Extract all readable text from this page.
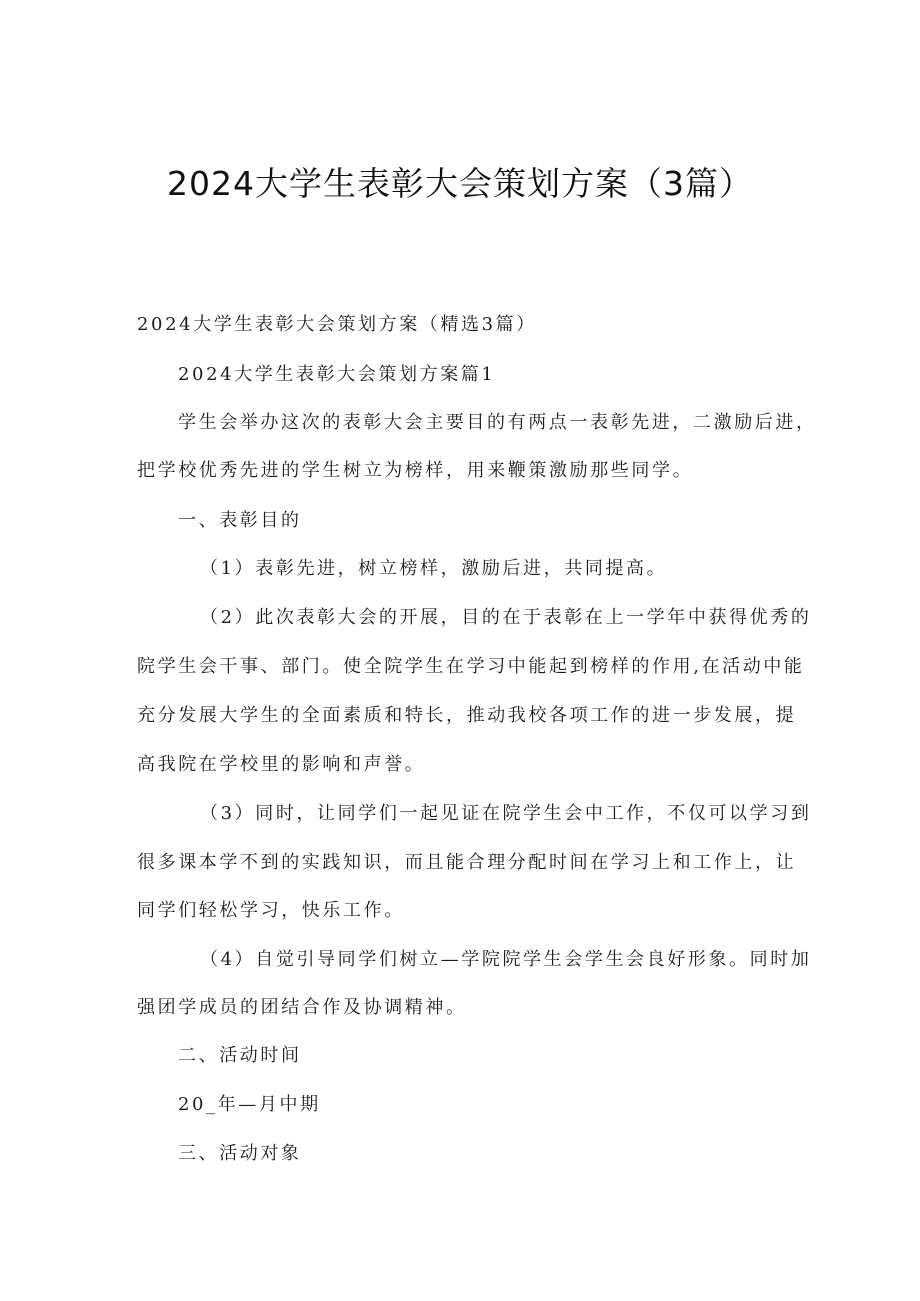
2024大学生表彰大会策划方案（3篇）
2024大学生表彰大会策划方案（精选3篇）
2024大学生表彰大会策划方案篇1
学生会举办这次的表彰大会主要目的有两点一表彰先进，二激励后进，
把学校优秀先进的学生树立为榜样，用来鞭策激励那些同学。
一、表彰目的
（1）表彰先进，树立榜样，激励后进，共同提高。
（2）此次表彰大会的开展，目的在于表彰在上一学年中获得优秀的
院学生会干事、部门。使全院学生在学习中能起到榜样的作用,在活动中能
充分发展大学生的全面素质和特长，推动我校各项工作的进一步发展，提
高我院在学校里的影响和声誉。
（3）同时，让同学们一起见证在院学生会中工作，不仅可以学习到
很多课本学不到的实践知识，而且能合理分配时间在学习上和工作上，让
同学们轻松学习，快乐工作。
（4）自觉引导同学们树立—学院院学生会学生会良好形象。同时加
强团学成员的团结合作及协调精神。
二、活动时间
20_年—月中期
三、活动对象
